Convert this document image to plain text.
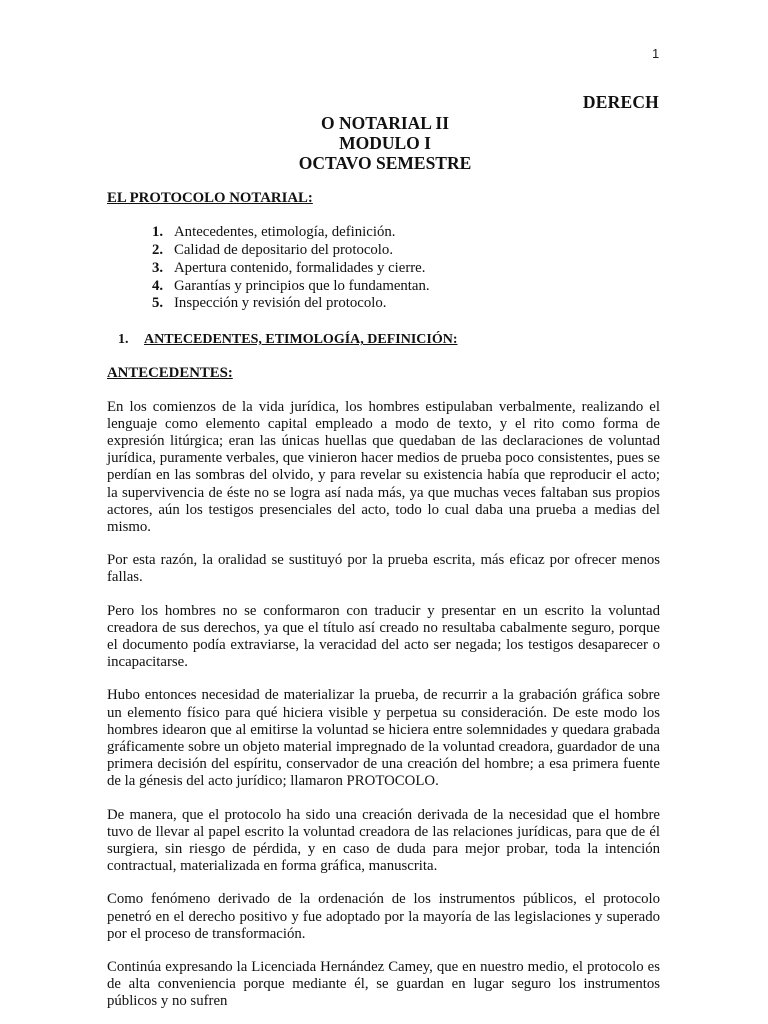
1
DERECH
O NOTARIAL II
MODULO I
OCTAVO SEMESTRE

EL PROTOCOLO NOTARIAL:

1. Antecedentes, etimología, definición.
2. Calidad de depositario del protocolo.
3. Apertura contenido, formalidades y cierre.
4. Garantías y principios que lo fundamentan.
5. Inspección y revisión del protocolo.
1.	ANTECEDENTES, ETIMOLOGÍA, DEFINICIÓN:

ANTECEDENTES:

En los comienzos de la vida jurídica, los hombres estipulaban verbalmente, realizando el lenguaje como elemento capital empleado a modo de texto, y el rito como forma de expresión litúrgica; eran las únicas huellas que quedaban de las declaraciones de voluntad jurídica, puramente verbales, que vinieron hacer medios de prueba poco consistentes, pues se perdían en las sombras del olvido, y para revelar su existencia había que reproducir el acto; la supervivencia de éste no se logra así nada más, ya que muchas veces faltaban sus propios actores, aún los testigos presenciales del acto, todo lo cual daba una prueba a medias del mismo.

Por esta razón, la oralidad se sustituyó por la prueba escrita, más eficaz por ofrecer menos fallas.

Pero los hombres no se conformaron con traducir y presentar en un escrito la voluntad creadora de sus derechos, ya que el título así creado no resultaba cabalmente seguro, porque el documento podía extraviarse, la veracidad del acto ser negada; los testigos desaparecer o incapacitarse.

Hubo entonces necesidad de materializar la prueba, de recurrir a la grabación gráfica sobre un elemento físico para qué hiciera visible y perpetua su consideración. De este modo los hombres idearon que al emitirse la voluntad se hiciera entre solemnidades y quedara grabada gráficamente sobre un objeto material impregnado de la voluntad creadora, guardador de una primera decisión del espíritu, conservador de una creación del hombre; a esa primera fuente de la génesis del acto jurídico; llamaron PROTOCOLO.

De manera, que el protocolo ha sido una creación derivada de la necesidad que el hombre tuvo de llevar al papel escrito la voluntad creadora de las relaciones jurídicas, para que de él surgiera, sin riesgo de pérdida, y en caso de duda para mejor probar, toda la intención contractual, materializada en forma gráfica, manuscrita.

Como fenómeno derivado de la ordenación de los instrumentos públicos, el protocolo penetró en el derecho positivo y fue adoptado por la mayoría de las legislaciones y superado por el proceso de transformación.

Continúa expresando la Licenciada Hernández Camey, que en nuestro medio, el protocolo es de alta conveniencia porque mediante él, se guardan en lugar seguro los instrumentos públicos y no sufren
